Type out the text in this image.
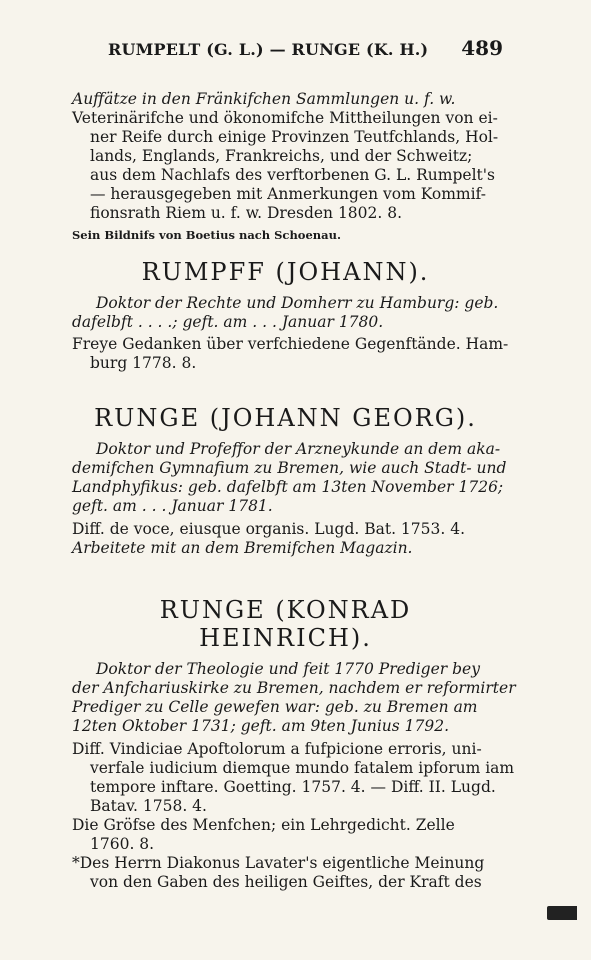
RUMPELT (G. L.) — RUNGE (K. H.)	489
Auffätze in den Fränkifchen Sammlungen u. f. w.
Veterinärifche und ökonomifche Mittheilungen von ei-
ner Reife durch einige Provinzen Teutfchlands, Hol-
lands, Englands, Frankreichs, und der Schweitz;
aus dem Nachlafs des verftorbenen G. L. Rumpelt's
— herausgegeben mit Anmerkungen vom Kommif-
fionsrath Riem u. f. w. Dresden 1802. 8.
Sein Bildnifs von Boetius nach Schoenau.
RUMPFF (JOHANN).
Doktor der Rechte und Domherr zu Hamburg: geb.
dafelbft . . . .; geft. am . . . Januar 1780.
Freye Gedanken über verfchiedene Gegenftände. Ham-
burg 1778. 8.
RUNGE (JOHANN GEORG).
Doktor und Profeffor der Arzneykunde an dem aka-
demifchen Gymnafium zu Bremen, wie auch Stadt- und
Landphyfikus: geb. dafelbft am 13ten November 1726;
geft. am . . . Januar 1781.
Diff. de voce, eiusque organis. Lugd. Bat. 1753. 4.
Arbeitete mit an dem Bremifchen Magazin.
RUNGE (KONRAD HEINRICH).
Doktor der Theologie und feit 1770 Prediger bey
der Anfchariuskirke zu Bremen, nachdem er reformirter
Prediger zu Celle gewefen war: geb. zu Bremen am
12ten Oktober 1731; geft. am 9ten Junius 1792.
Diff. Vindiciae Apoftolorum a fufpicione erroris, uni-
verfale iudicium diemque mundo fatalem ipforum iam
tempore inftare. Goetting. 1757. 4. — Diff. II. Lugd.
Batav. 1758. 4.
Die Gröfse des Menfchen; ein Lehrgedicht. Zelle
1760. 8.
*Des Herrn Diakonus Lavater's eigentliche Meinung
von den Gaben des heiligen Geiftes, der Kraft des
